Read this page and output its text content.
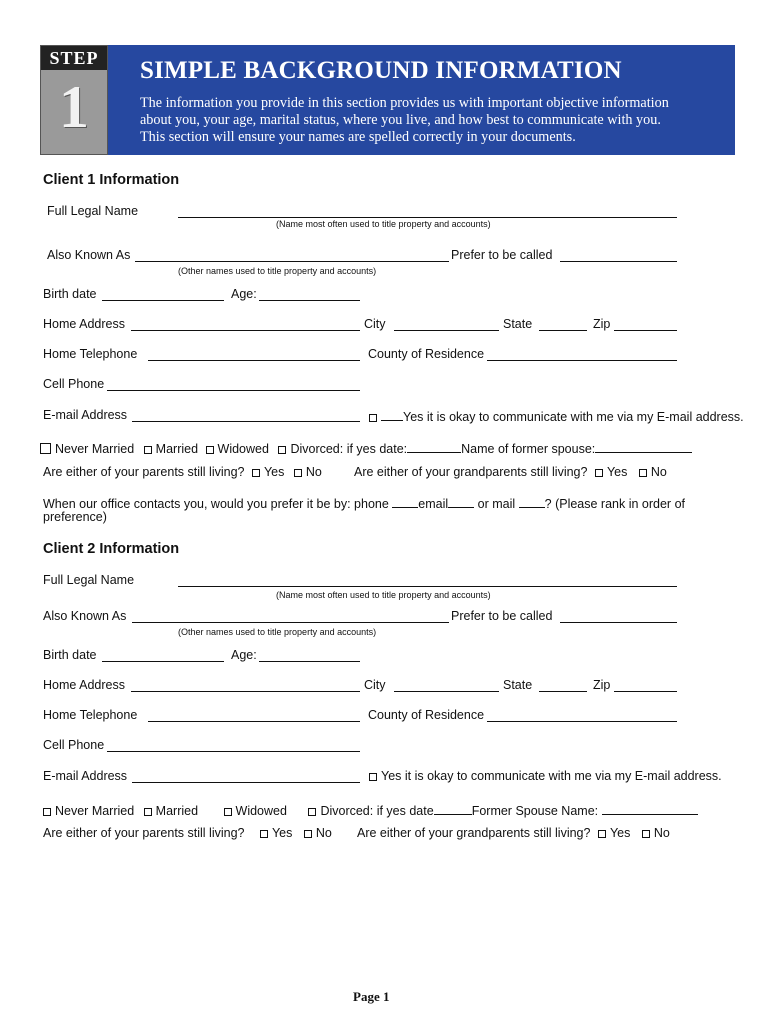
STEP
1
SIMPLE BACKGROUND INFORMATION
The information you provide in this section provides us with important objective information
about you, your age, marital status, where you live, and how best to communicate with you.
This section will ensure your names are spelled correctly in your documents.
Client 1 Information
Full Legal Name
(Name most often used to title property and accounts)
Also Known As	Prefer to be called
(Other names used to title property and accounts)
Birth date	Age:
Home Address	City	State	Zip
Home Telephone	County of Residence
Cell Phone
E-mail Address	Yes it is okay to communicate with me via my E-mail address.
Never Married Married Widowed Divorced: if yes date:	Name of former spouse:
Are either of your parents still living? Yes No	Are either of your grandparents still living? Yes No
When our office contacts you, would you prefer it be by: phone email or mail ? (Please rank in order of
preference)
Client 2 Information
Full Legal Name
(Name most often used to title property and accounts)
Also Known As	Prefer to be called
(Other names used to title property and accounts)
Birth date	Age:
Home Address	City	State	Zip
Home Telephone	County of Residence
Cell Phone
E-mail Address	Yes it is okay to communicate with me via my E-mail address.
Never Married Married	Widowed	Divorced: if yes date	Former Spouse Name:
Are either of your parents still living? Yes No Are either of your grandparents still living? Yes No
Page 1
